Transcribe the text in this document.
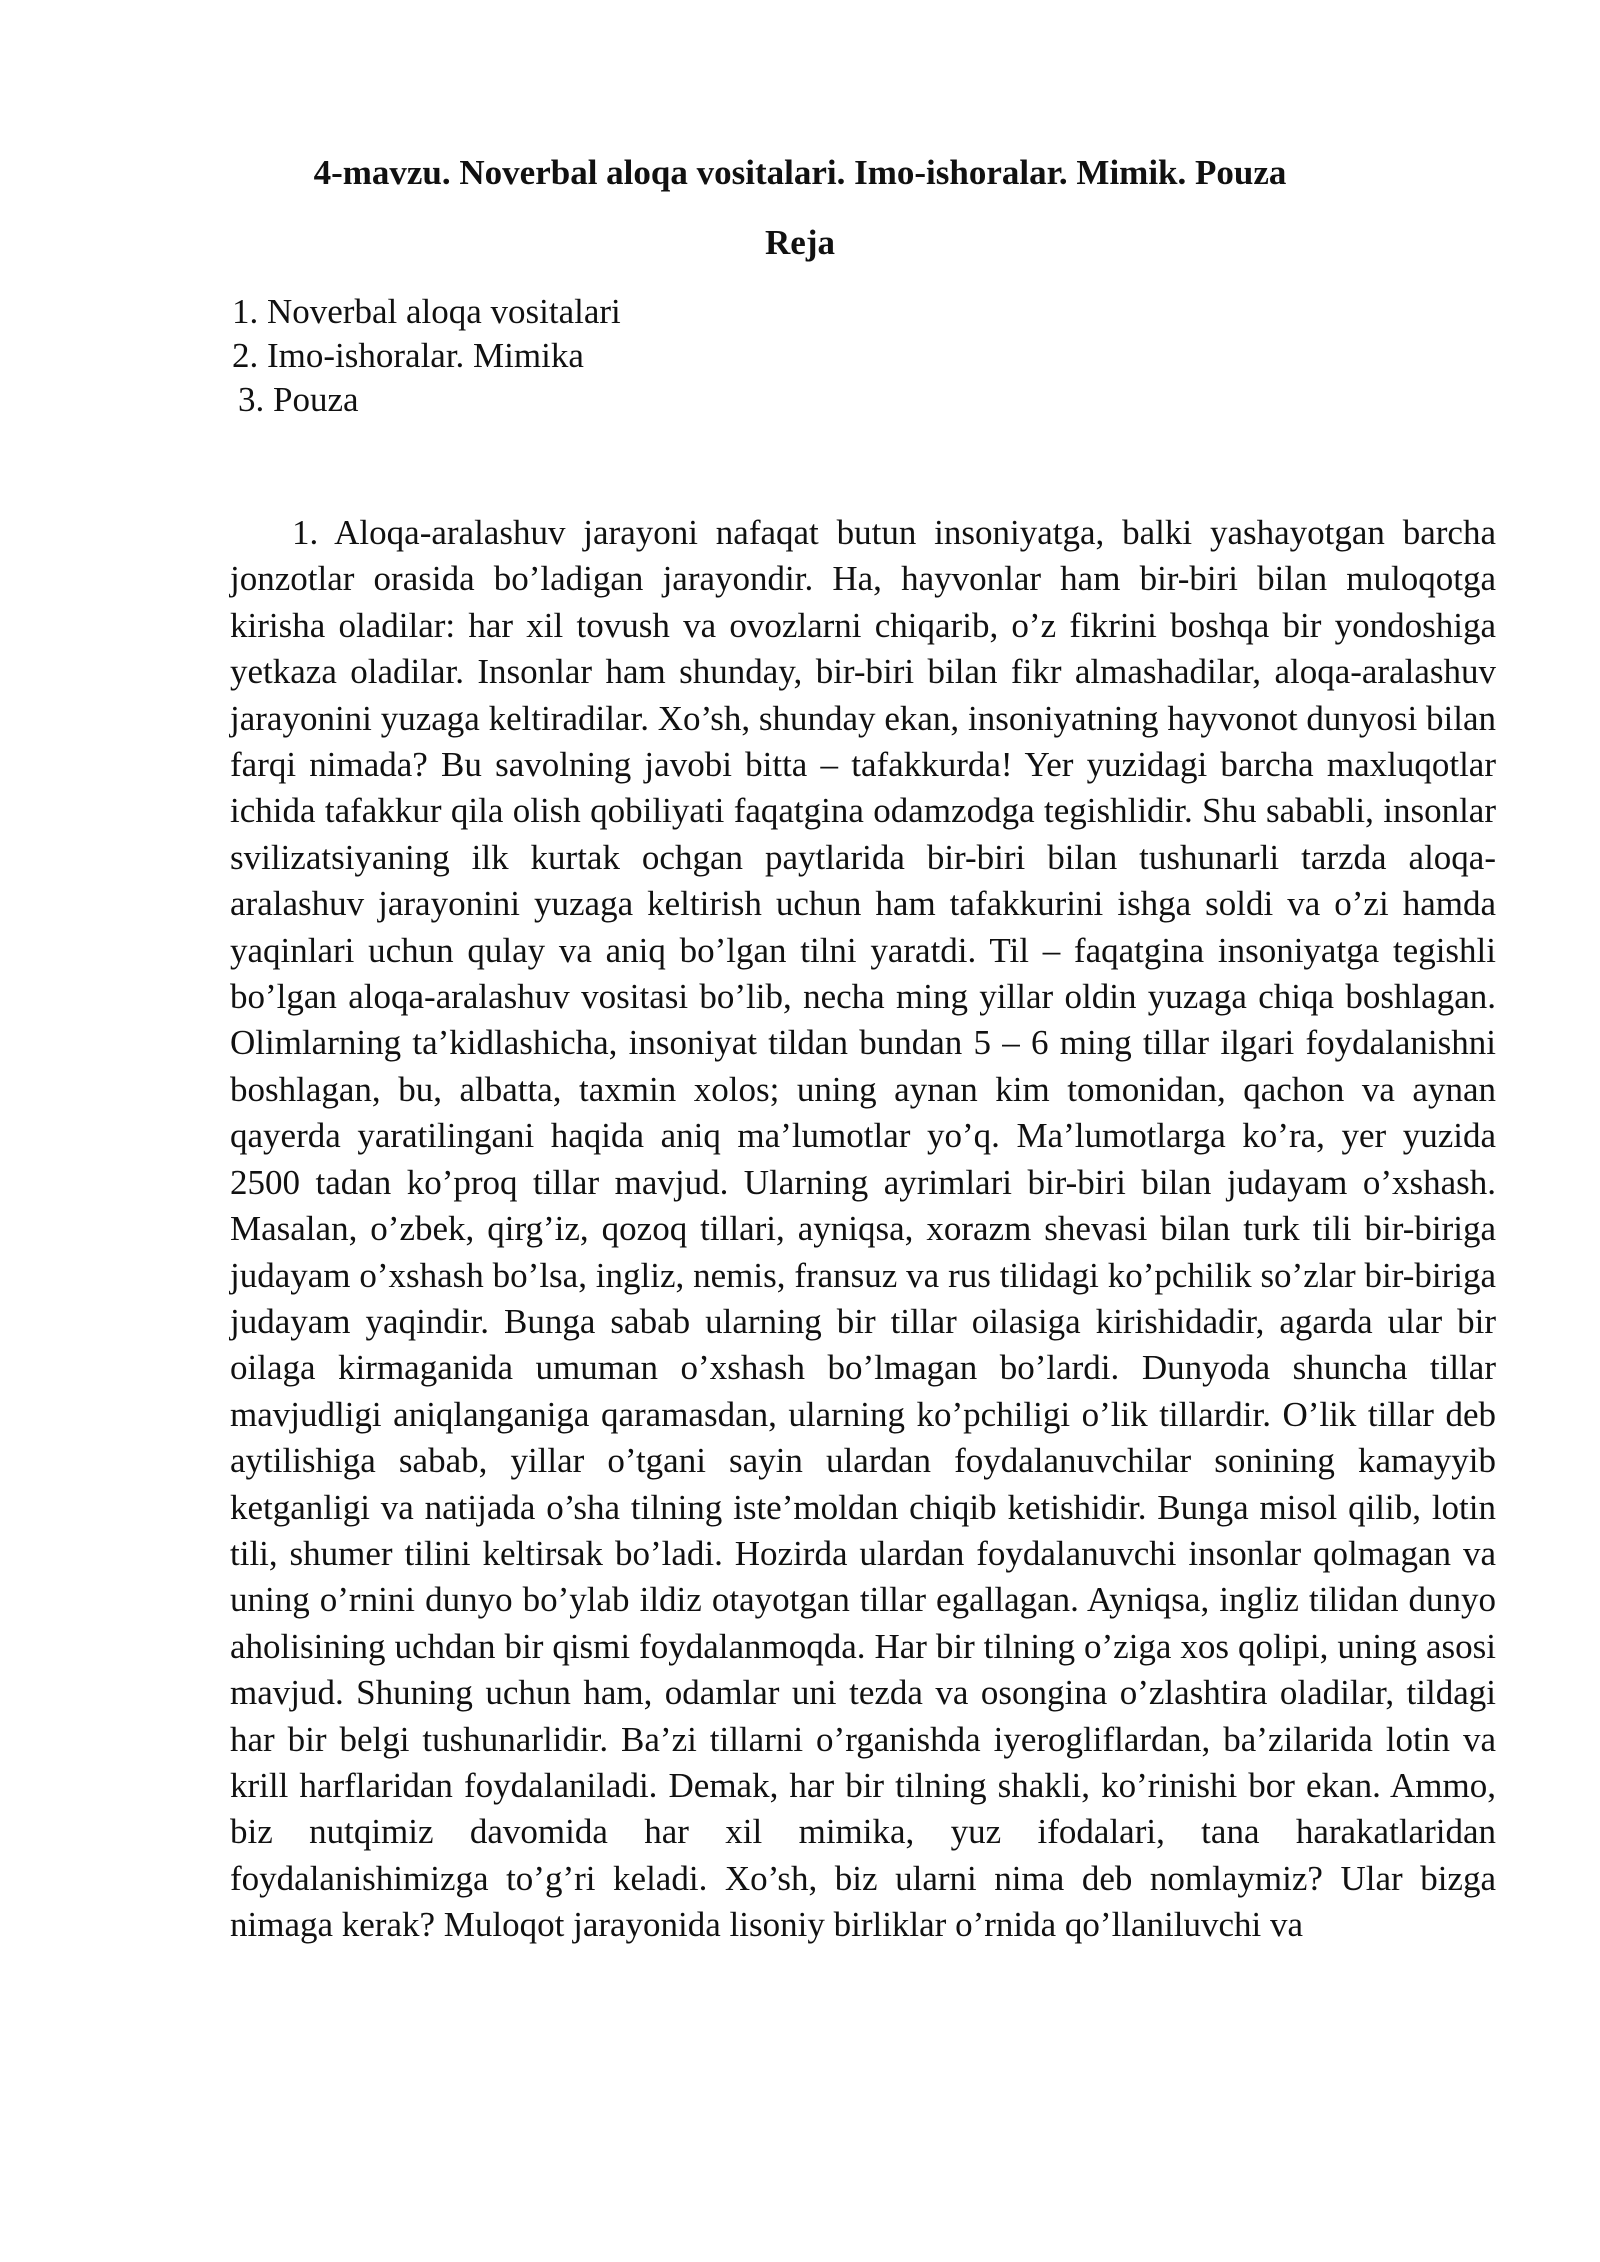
4-mavzu. Noverbal aloqa vositalari. Imo-ishoralar. Mimik. Pouza
Reja
1. Noverbal aloqa vositalari
2. Imo-ishoralar. Mimika
3. Pouza

1. Aloqa-aralashuv jarayoni nafaqat butun insoniyatga, balki yashayotgan barcha jonzotlar orasida bo’ladigan jarayondir. Ha, hayvonlar ham bir-biri bilan muloqotga kirisha oladilar: har xil tovush va ovozlarni chiqarib, o’z fikrini boshqa bir yondoshiga yetkaza oladilar. Insonlar ham shunday, bir-biri bilan fikr almashadilar, aloqa-aralashuv jarayonini yuzaga keltiradilar. Xo’sh, shunday ekan, insoniyatning hayvonot dunyosi bilan farqi nimada? Bu savolning javobi bitta – tafakkurda! Yer yuzidagi barcha maxluqotlar ichida tafakkur qila olish qobiliyati faqatgina odamzodga tegishlidir. Shu sababli, insonlar svilizatsiyaning ilk kurtak ochgan paytlarida bir-biri bilan tushunarli tarzda aloqa-aralashuv jarayonini yuzaga keltirish uchun ham tafakkurini ishga soldi va o’zi hamda yaqinlari uchun qulay va aniq bo’lgan tilni yaratdi. Til – faqatgina insoniyatga tegishli bo’lgan aloqa-aralashuv vositasi bo’lib, necha ming yillar oldin yuzaga chiqa boshlagan. Olimlarning ta’kidlashicha, insoniyat tildan bundan 5 – 6 ming tillar ilgari foydalanishni boshlagan, bu, albatta, taxmin xolos; uning aynan kim tomonidan, qachon va aynan qayerda yaratilingani haqida aniq ma’lumotlar yo’q. Ma’lumotlarga ko’ra, yer yuzida 2500 tadan ko’proq tillar mavjud. Ularning ayrimlari bir-biri bilan judayam o’xshash. Masalan, o’zbek, qirg’iz, qozoq tillari, ayniqsa, xorazm shevasi bilan turk tili bir-biriga judayam o’xshash bo’lsa, ingliz, nemis, fransuz va rus tilidagi ko’pchilik so’zlar bir-biriga judayam yaqindir. Bunga sabab ularning bir tillar oilasiga kirishidadir, agarda ular bir oilaga kirmaganida umuman o’xshash bo’lmagan bo’lardi. Dunyoda shuncha tillar mavjudligi aniqlanganiga qaramasdan, ularning ko’pchiligi o’lik tillardir. O’lik tillar deb aytilishiga sabab, yillar o’tgani sayin ulardan foydalanuvchilar sonining kamayyib ketganligi va natijada o’sha tilning iste’moldan chiqib ketishidir. Bunga misol qilib, lotin tili, shumer tilini keltirsak bo’ladi. Hozirda ulardan foydalanuvchi insonlar qolmagan va uning o’rnini dunyo bo’ylab ildiz otayotgan tillar egallagan. Ayniqsa, ingliz tilidan dunyo aholisining uchdan bir qismi foydalanmoqda. Har bir tilning o’ziga xos qolipi, uning asosi mavjud. Shuning uchun ham, odamlar uni tezda va osongina o’zlashtira oladilar, tildagi har bir belgi tushunarlidir. Ba’zi tillarni o’rganishda iyerogliflardan, ba’zilarida lotin va krill harflaridan foydalaniladi. Demak, har bir tilning shakli, ko’rinishi bor ekan. Ammo, biz nutqimiz davomida har xil mimika, yuz ifodalari, tana harakatlaridan foydalanishimizga to’g’ri keladi. Xo’sh, biz ularni nima deb nomlaymiz? Ular bizga nimaga kerak? Muloqot jarayonida lisoniy birliklar o’rnida qo’llaniluvchi va
